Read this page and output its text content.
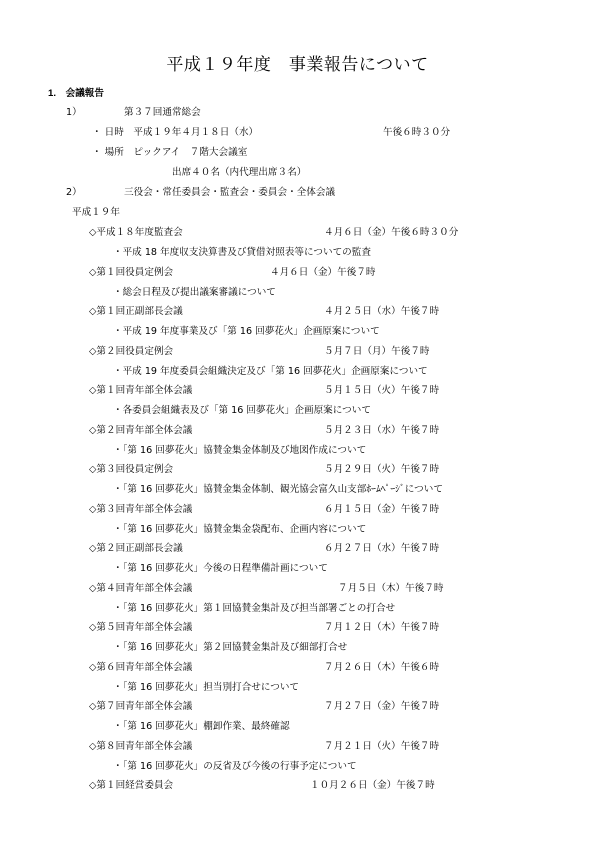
平成１９年度　事業報告について
1.　会議報告
1）	第３７回通常総会
・ 日時　平成１９年４月１８日（水）	午後６時３０分
・ 場所　ピックアイ　７階大会議室
出席４０名（内代理出席３名）
2）	三役会・常任委員会・監査会・委員会・全体会議
平成１９年
◇平成１８年度監査会	４月６日（金）午後６時３０分
・平成 18 年度収支決算書及び貸借対照表等についての監査
◇第１回役員定例会	４月６日（金）午後７時
・総会日程及び提出議案審議について
◇第１回正副部長会議	４月２５日（水）午後７時
・平成 19 年度事業及び「第 16 回夢花火」企画原案について
◇第２回役員定例会	５月７日（月）午後７時
・平成 19 年度委員会組織決定及び「第 16 回夢花火」企画原案について
◇第１回青年部全体会議	５月１５日（火）午後７時
・各委員会組織表及び「第 16 回夢花火」企画原案について
◇第２回青年部全体会議	５月２３日（水）午後７時
・「第 16 回夢花火」協賛金集金体制及び地図作成について
◇第３回役員定例会	５月２９日（火）午後７時
・「第 16 回夢花火」協賛金集金体制、観光協会富久山支部ﾎｰﾑﾍﾟｰｼﾞについて
◇第３回青年部全体会議	６月１５日（金）午後７時
・「第 16 回夢花火」協賛金集金袋配布、企画内容について
◇第２回正副部長会議	６月２７日（水）午後７時
・「第 16 回夢花火」今後の日程準備計画について
◇第４回青年部全体会議	７月５日（木）午後７時
・「第 16 回夢花火」第１回協賛金集計及び担当部署ごとの打合せ
◇第５回青年部全体会議	７月１２日（木）午後７時
・「第 16 回夢花火」第２回協賛金集計及び細部打合せ
◇第６回青年部全体会議	７月２６日（木）午後６時
・「第 16 回夢花火」担当別打合せについて
◇第７回青年部全体会議	７月２７日（金）午後７時
・「第 16 回夢花火」棚卸作業、最終確認
◇第８回青年部全体会議	７月２１日（火）午後７時
・「第 16 回夢花火」の反省及び今後の行事予定について
◇第１回経営委員会	１０月２６日（金）午後７時
